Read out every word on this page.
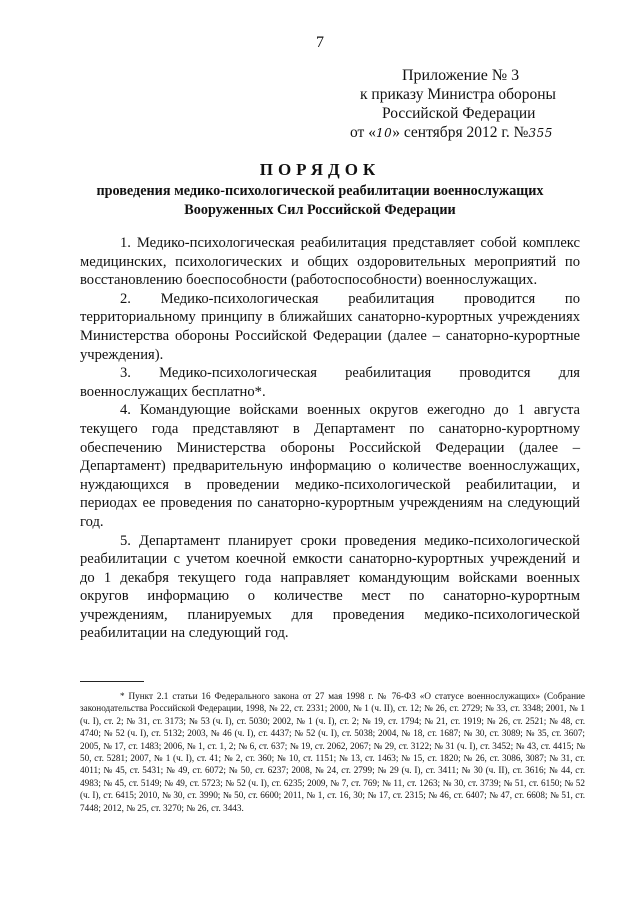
7
Приложение № 3
к приказу Министра обороны
Российской Федерации
от «10» сентября 2012 г. №355
ПОРЯДОК
проведения медико-психологической реабилитации военнослужащих Вооруженных Сил Российской Федерации

1. Медико-психологическая реабилитация представляет собой комплекс медицинских, психологических и общих оздоровительных мероприятий по восстановлению боеспособности (работоспособности) военнослужащих.

2. Медико-психологическая реабилитация проводится по территориальному принципу в ближайших санаторно-курортных учреждениях Министерства обороны Российской Федерации (далее – санаторно-курортные учреждения).

3. Медико-психологическая реабилитация проводится для военнослужащих бесплатно*.

4. Командующие войсками военных округов ежегодно до 1 августа текущего года представляют в Департамент по санаторно-курортному обеспечению Министерства обороны Российской Федерации (далее – Департамент) предварительную информацию о количестве военнослужащих, нуждающихся в проведении медико-психологической реабилитации, и периодах ее проведения по санаторно-курортным учреждениям на следующий год.

5. Департамент планирует сроки проведения медико-психологической реабилитации с учетом коечной емкости санаторно-курортных учреждений и до 1 декабря текущего года направляет командующим войсками военных округов информацию о количестве мест по санаторно-курортным учреждениям, планируемых для проведения медико-психологической реабилитации на следующий год.

* Пункт 2.1 статьи 16 Федерального закона от 27 мая 1998 г. № 76-ФЗ «О статусе военнослужащих» (Собрание законодательства Российской Федерации, 1998, № 22, ст. 2331; 2000, № 1 (ч. II), ст. 12; № 26, ст. 2729; № 33, ст. 3348; 2001, № 1 (ч. I), ст. 2; № 31, ст. 3173; № 53 (ч. I), ст. 5030; 2002, № 1 (ч. I), ст. 2; № 19, ст. 1794; № 21, ст. 1919; № 26, ст. 2521; № 48, ст. 4740; № 52 (ч. I), ст. 5132; 2003, № 46 (ч. I), ст. 4437; № 52 (ч. I), ст. 5038; 2004, № 18, ст. 1687; № 30, ст. 3089; № 35, ст. 3607; 2005, № 17, ст. 1483; 2006, № 1, ст. 1, 2; № 6, ст. 637; № 19, ст. 2062, 2067; № 29, ст. 3122; № 31 (ч. I), ст. 3452; № 43, ст. 4415; № 50, ст. 5281; 2007, № 1 (ч. I), ст. 41; № 2, ст. 360; № 10, ст. 1151; № 13, ст. 1463; № 15, ст. 1820; № 26, ст. 3086, 3087; № 31, ст. 4011; № 45, ст. 5431; № 49, ст. 6072; № 50, ст. 6237; 2008, № 24, ст. 2799; № 29 (ч. I), ст. 3411; № 30 (ч. II), ст. 3616; № 44, ст. 4983; № 45, ст. 5149; № 49, ст. 5723; № 52 (ч. I), ст. 6235; 2009, № 7, ст. 769; № 11, ст. 1263; № 30, ст. 3739; № 51, ст. 6150; № 52 (ч. I), ст. 6415; 2010, № 30, ст. 3990; № 50, ст. 6600; 2011, № 1, ст. 16, 30; № 17, ст. 2315; № 46, ст. 6407; № 47, ст. 6608; № 51, ст. 7448; 2012, № 25, ст. 3270; № 26, ст. 3443.
